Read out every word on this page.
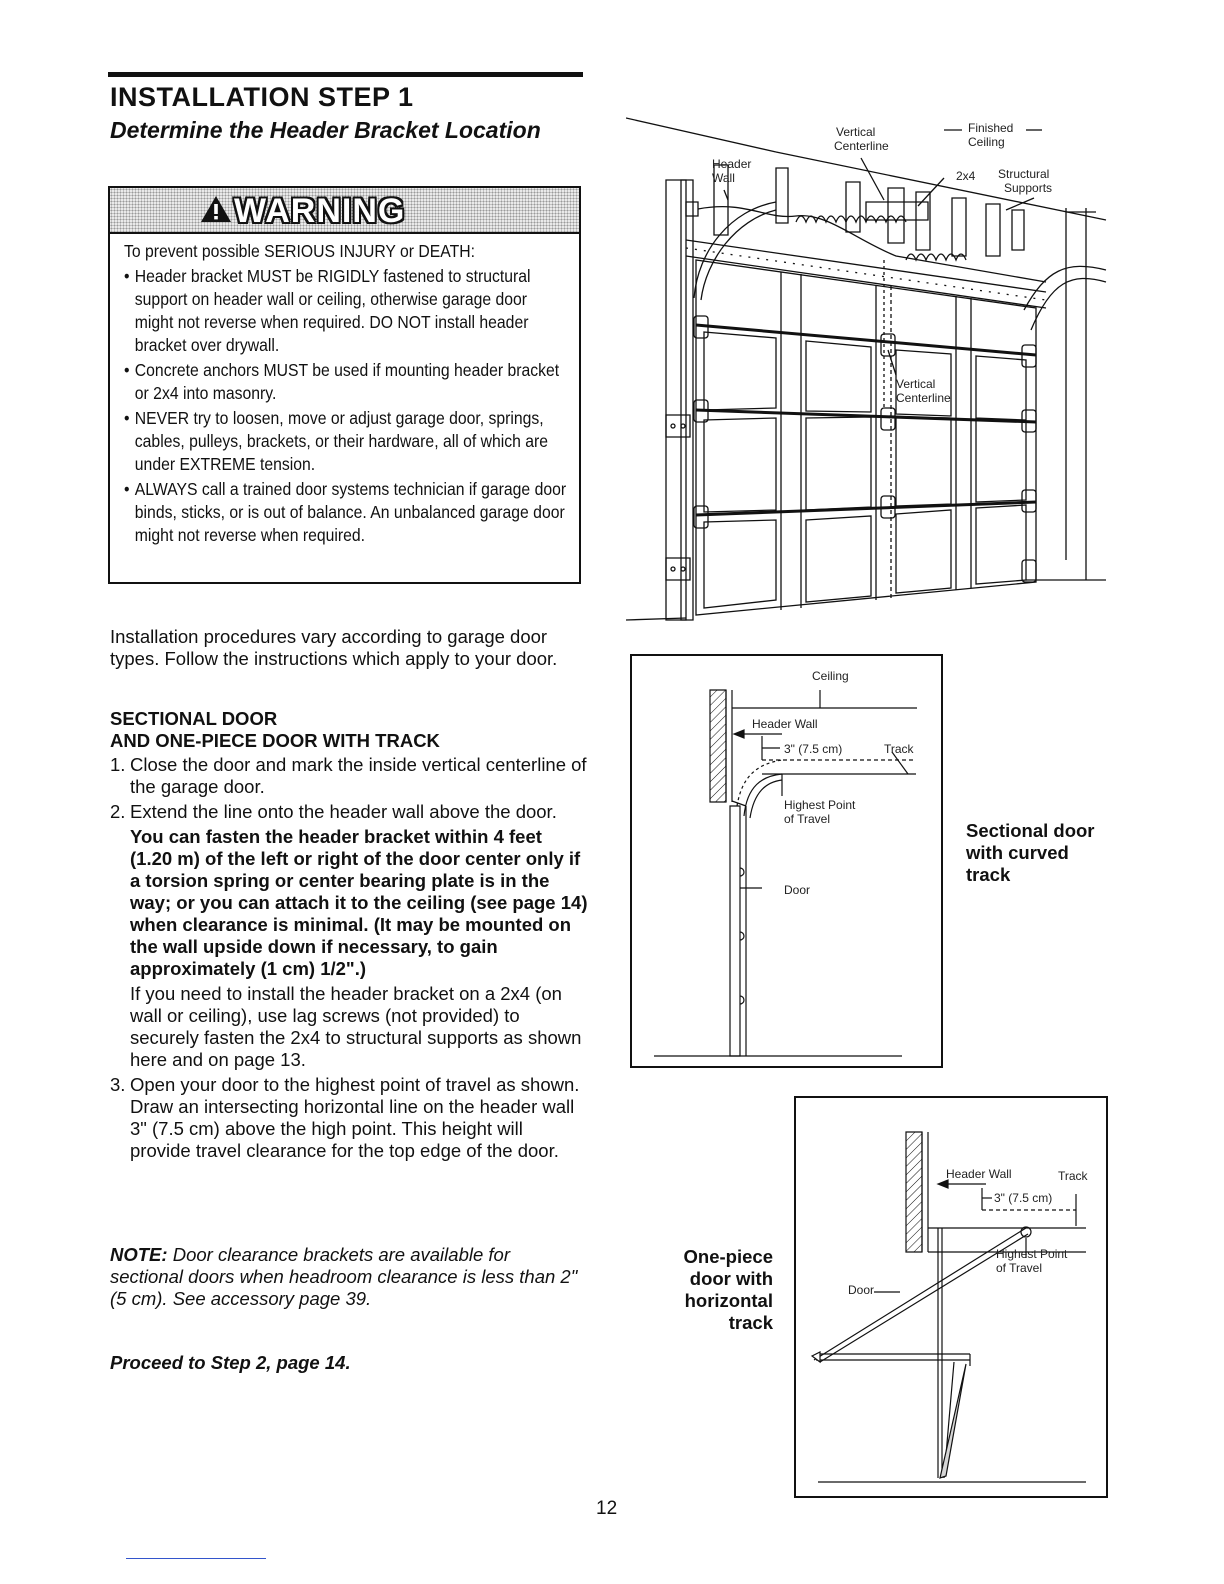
INSTALLATION STEP 1
Determine the Header Bracket Location
WARNING

To prevent possible SERIOUS INJURY or DEATH:

• Header bracket MUST be RIGIDLY fastened to structural support on header wall or ceiling, otherwise garage door might not reverse when required. DO NOT install header bracket over drywall.
• Concrete anchors MUST be used if mounting header bracket or 2x4 into masonry.
• NEVER try to loosen, move or adjust garage door, springs, cables, pulleys, brackets, or their hardware, all of which are under EXTREME tension.
• ALWAYS call a trained door systems technician if garage door binds, sticks, or is out of balance. An unbalanced garage door might not reverse when required.

Installation procedures vary according to garage door types. Follow the instructions which apply to your door.

SECTIONAL DOOR
AND ONE-PIECE DOOR WITH TRACK
1. Close the door and mark the inside vertical centerline of the garage door.
2. Extend the line onto the header wall above the door.
You can fasten the header bracket within 4 feet (1.20 m) of the left or right of the door center only if a torsion spring or center bearing plate is in the way; or you can attach it to the ceiling (see page 14) when clearance is minimal. (It may be mounted on the wall upside down if necessary, to gain approximately (1 cm) 1/2".)
If you need to install the header bracket on a 2x4 (on wall or ceiling), use lag screws (not provided) to securely fasten the 2x4 to structural supports as shown here and on page 13.
3. Open your door to the highest point of travel as shown. Draw an intersecting horizontal line on the header wall 3" (7.5 cm) above the high point. This height will provide travel clearance for the top edge of the door.

NOTE: Door clearance brackets are available for sectional doors when headroom clearance is less than 2" (5 cm). See accessory page 39.

Proceed to Step 2, page 14.

12
Vertical
Centerline
Finished
Ceiling
Header
Wall	2x4 Structural
Supports
Vertical
Centerline
Ceiling
Header Wall
3" (7.5 cm)	Track
Highest Point
of Travel
Door
Sectional door
with curved
track
Header Wall	Track
3" (7.5 cm)
Highest Point
of Travel
Door
One-piece
door with
horizontal
track
